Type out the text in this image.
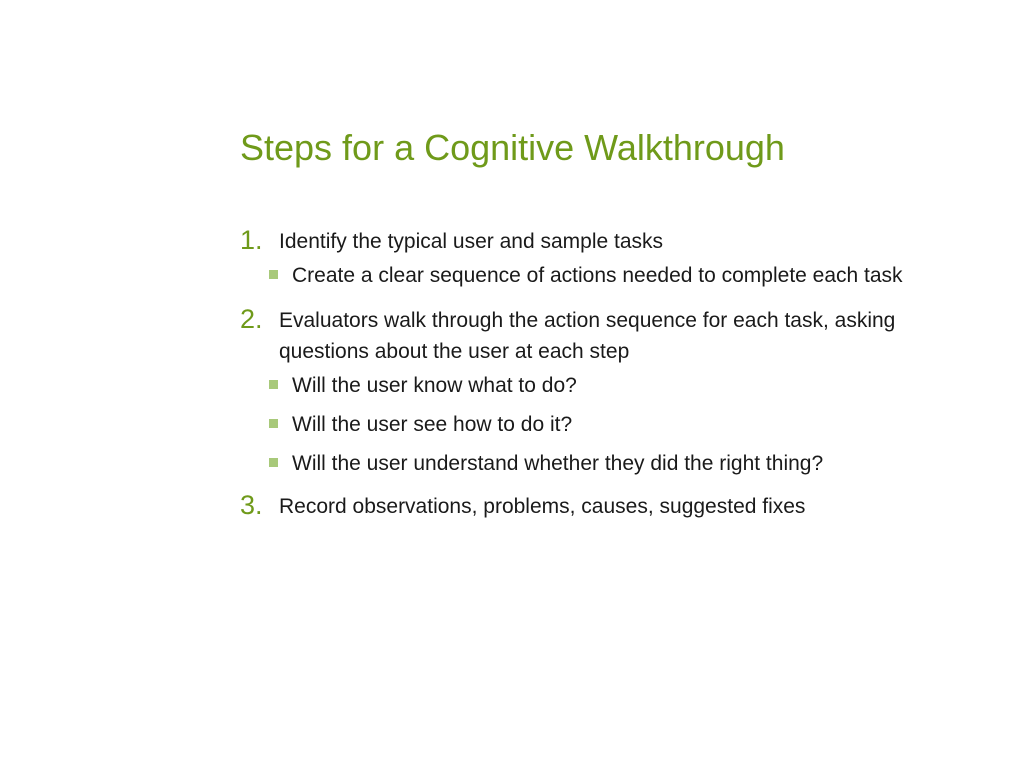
Steps for a Cognitive Walkthrough
1. Identify the typical user and sample tasks
Create a clear sequence of actions needed to complete each task
2. Evaluators walk through the action sequence for each task, asking questions about the user at each step
Will the user know what to do?
Will the user see how to do it?
Will the user understand whether they did the right thing?
3. Record observations, problems, causes, suggested fixes
